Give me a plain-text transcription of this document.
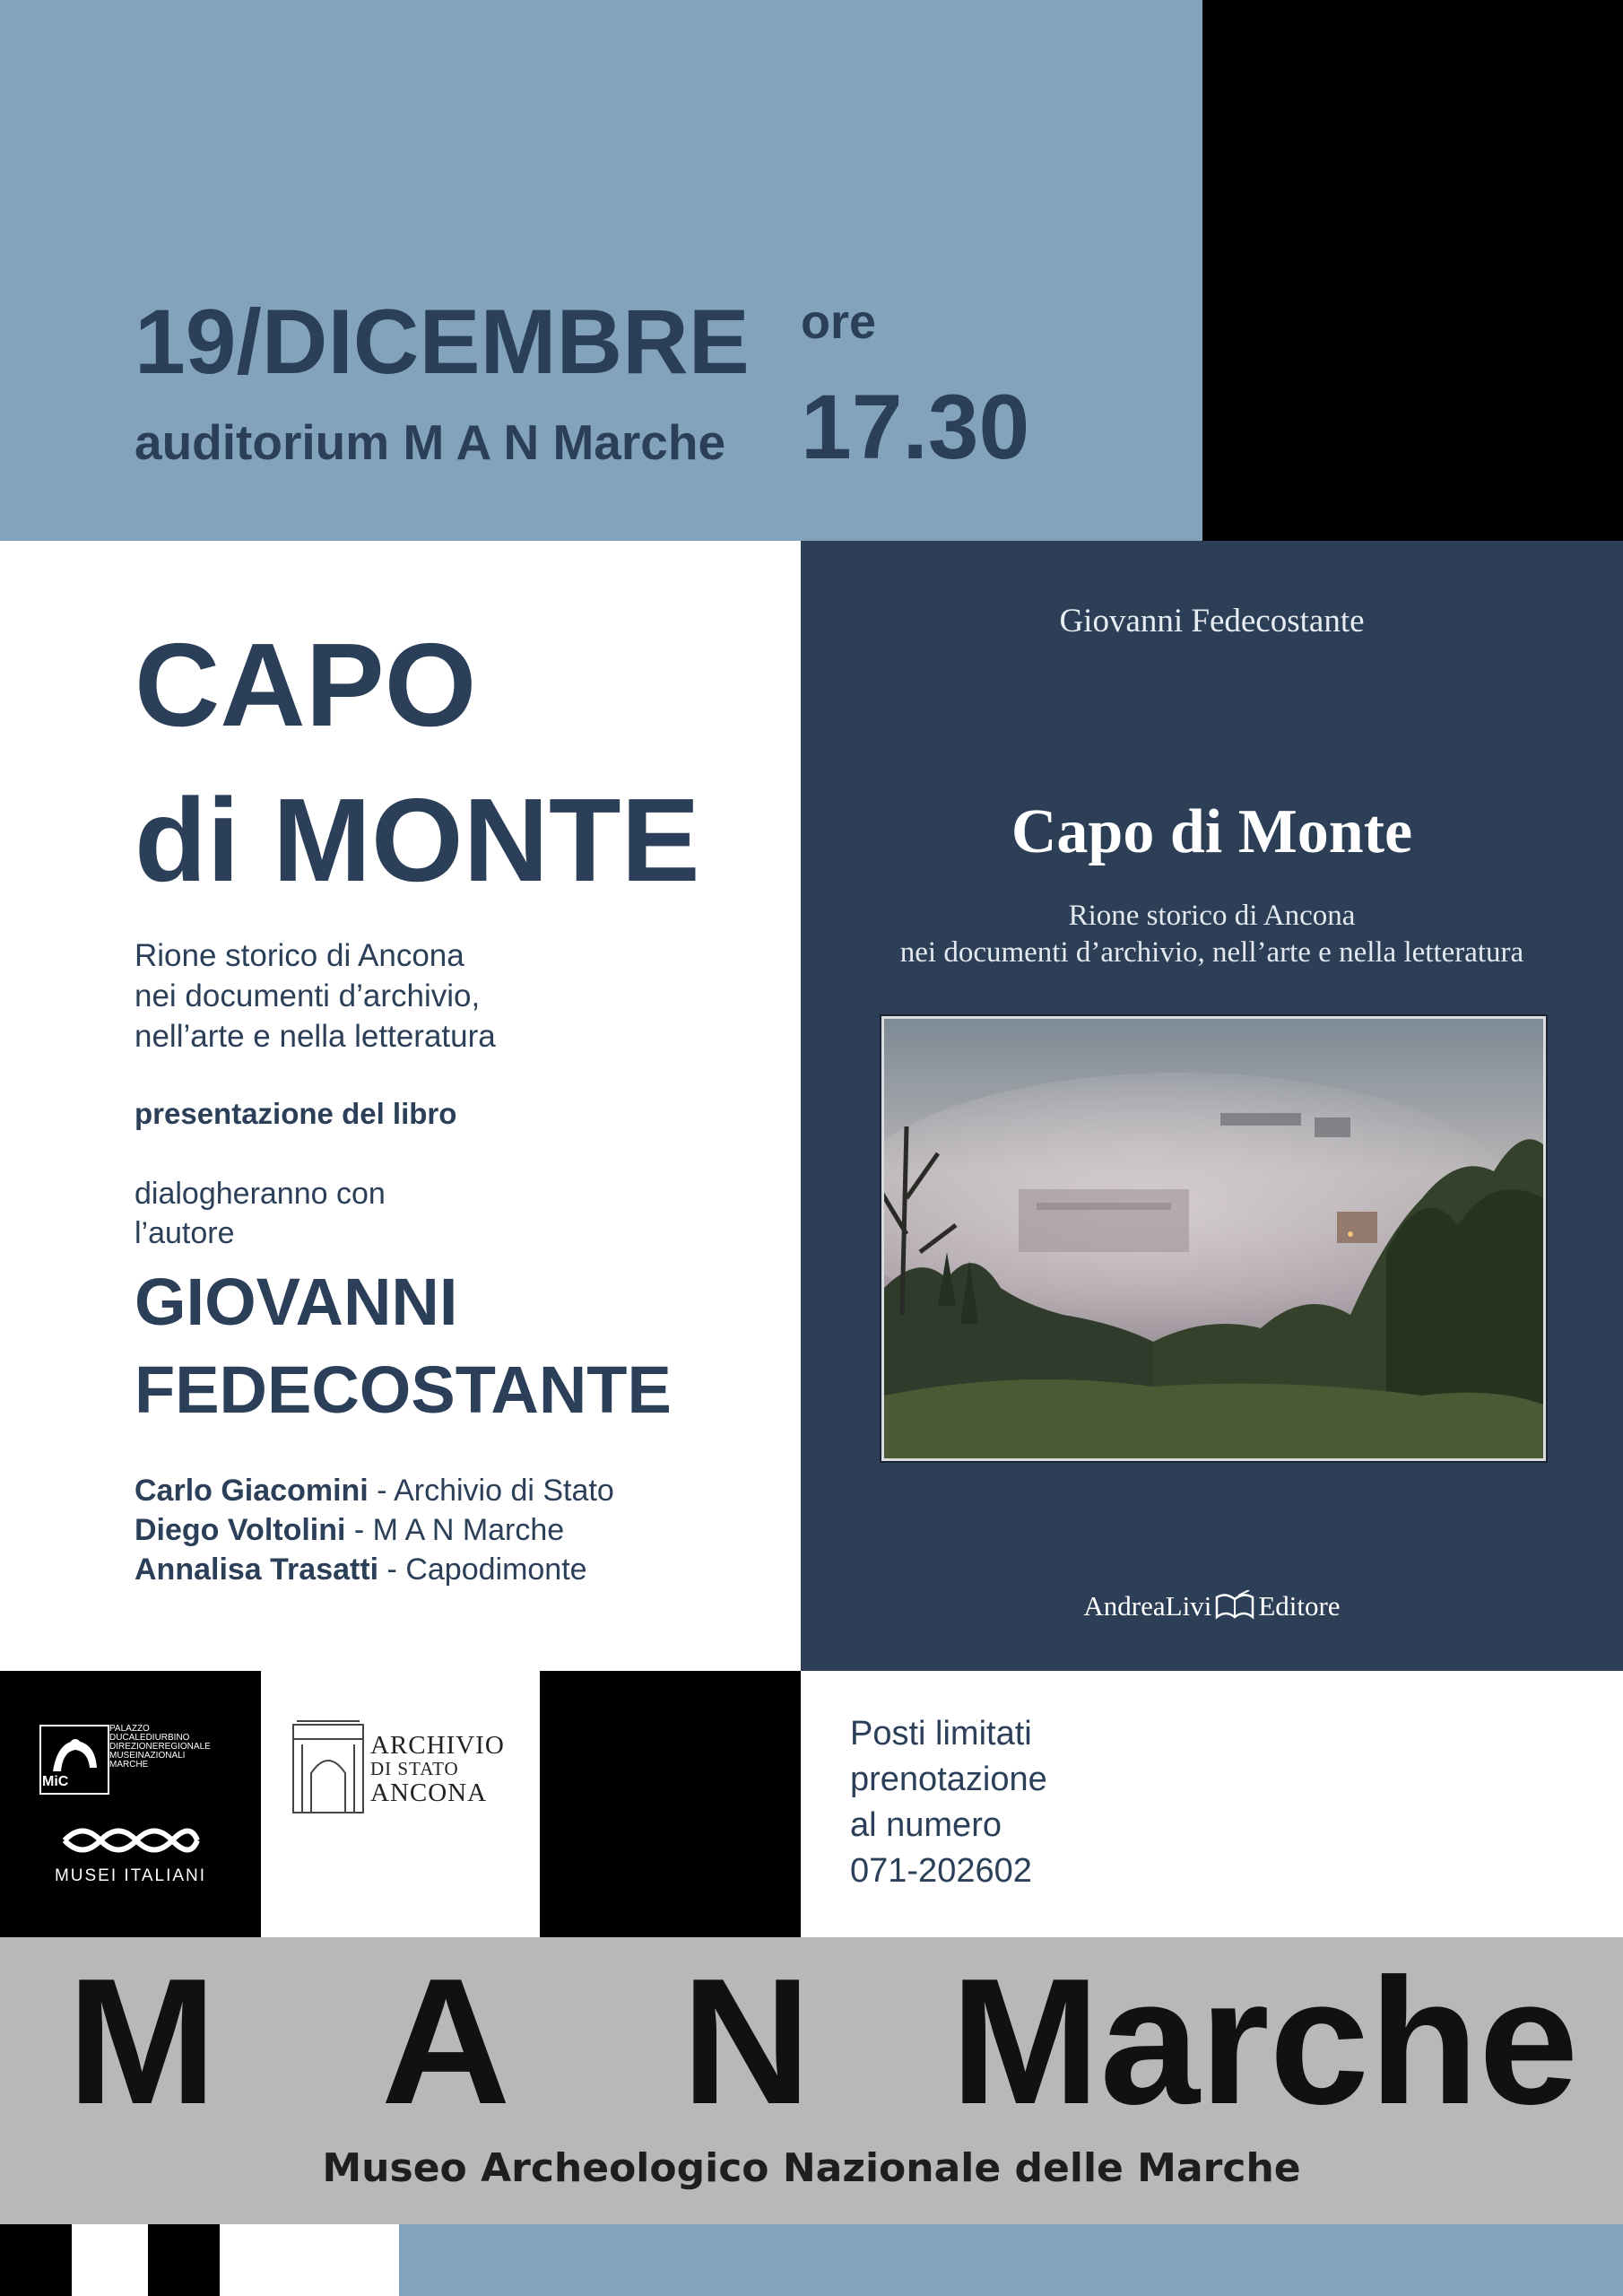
19/DICEMBRE
auditorium M A N Marche
ore
17.30
CAPO
di MONTE
Rione storico di Ancona
nei documenti d’archivio,
nell’arte e nella letteratura
presentazione del libro
dialogheranno con
l’autore
GIOVANNI
FEDECOSTANTE
Carlo Giacomini - Archivio di Stato
Diego Voltolini - M A N Marche
Annalisa Trasatti - Capodimonte
Giovanni Fedecostante
Capo di Monte
Rione storico di Ancona
nei documenti d’archivio, nell’arte e nella letteratura
AndreaLivi Editore
PALAZZO
DUCALEDIURBINO
DIREZIONEREGIONALE
MUSEINAZIONALI
MARCHE
MiC
MUSEI ITALIANI
ARCHIVIO
DI STATO
ANCONA
Posti limitati
prenotazione
al numero
071-202602
M A N Marche
Museo Archeologico Nazionale delle Marche
